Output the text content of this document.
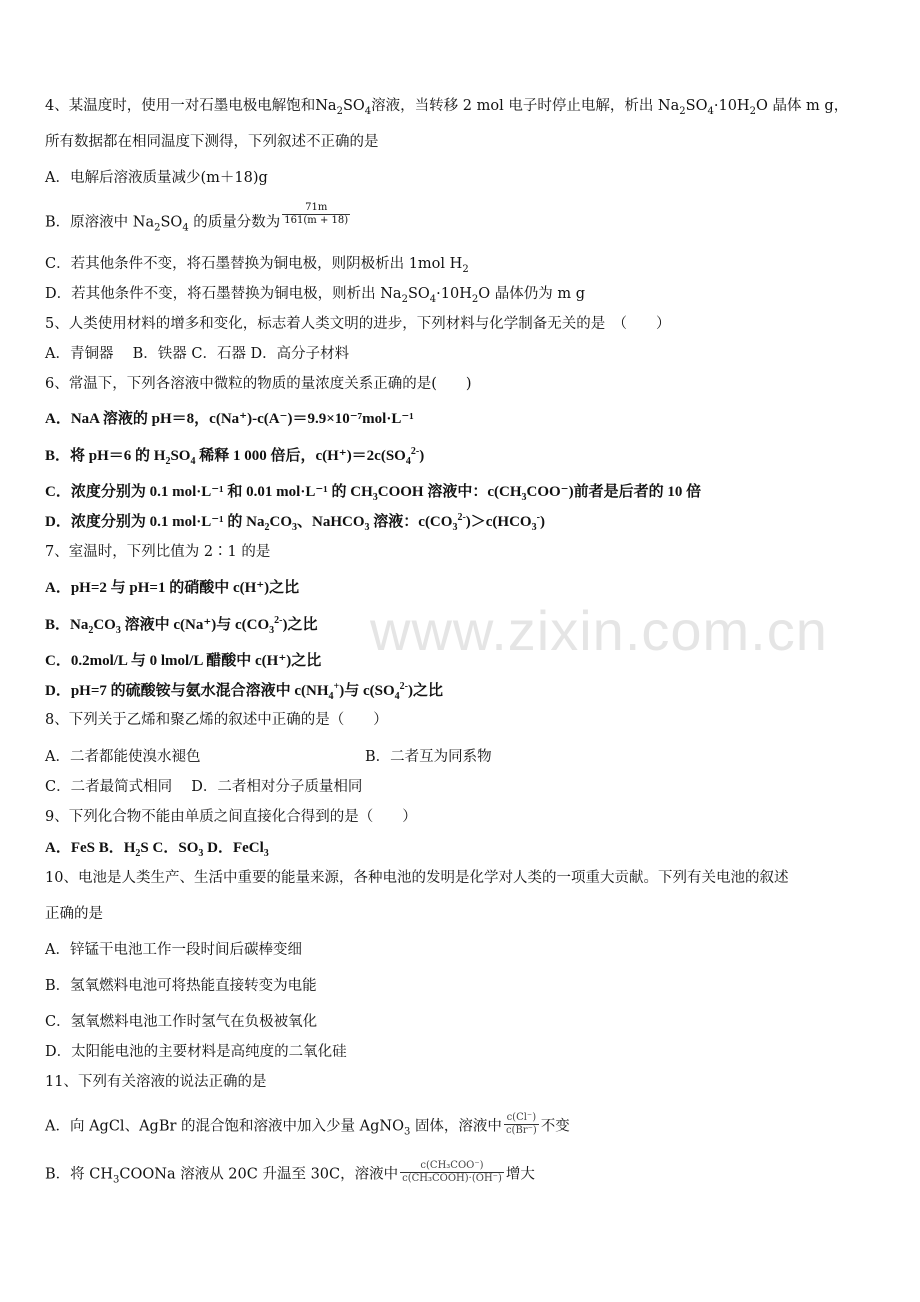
www.zixin.com.cn
4、某温度时，使用一对石墨电极电解饱和$Na_2SO_4$溶液，当转移 2 mol 电子时停止电解，析出 $Na_2SO_4\cdot 10H_2O$ 晶体 m g，
所有数据都在相同温度下测得，下列叙述不正确的是
A．电解后溶液质量减少(m＋18)g
B．原溶液中 $Na_2SO_4$ 的质量分数为 $\frac{71m}{161(m + 18)}$
C．若其他条件不变，将石墨替换为铜电极，则阴极析出 1mol $H_2$
D．若其他条件不变，将石墨替换为铜电极，则析出 $Na_2SO_4\cdot 10H_2O$ 晶体仍为 m g
5、人类使用材料的增多和变化，标志着人类文明的进步，下列材料与化学制备无关的是　（　　）
A．青铜器　 B．铁器 C．石器 D．高分子材料
6、常温下，下列各溶液中微粒的物质的量浓度关系正确的是(　　)
A．NaA 溶液的 pH＝8，c(Na⁺)-c(A⁻)＝9.9×10⁻⁷mol·L⁻¹
B．将 pH＝6 的 $H_2SO_4$ 稀释 1 000 倍后，$c(H^+)=2c(SO_4^{2-})$
C．浓度分别为 0.1 mol·L⁻¹ 和 0.01 mol·L⁻¹ 的 $CH_3COOH$ 溶液中：$c(CH_3COO^-)$前者是后者的 10 倍
D．浓度分别为 0.1 mol·L⁻¹ 的 $Na_2CO_3$、NaHCO$_3$ 溶液：$c(CO_3^{2-})>c(HCO_3^-)$
7、室温时，下列比值为 2∶1 的是
A．pH=2 与 pH=1 的硝酸中 c(H⁺)之比
B．$Na_2CO_3$ 溶液中 c(Na⁺)与 $c(CO_3^{2-})$之比
C．0.2mol/L 与 0 lmol/L 醋酸中 c(H⁺)之比
D．pH=7 的硫酸铵与氨水混合溶液中 $c(NH_4^+)$与 $c(SO_4^{2-})$之比
8、下列关于乙烯和聚乙烯的叙述中正确的是（　　）
A．二者都能使溴水褪色	B．二者互为同系物
C．二者最简式相同　 D．二者相对分子质量相同
9、下列化合物不能由单质之间直接化合得到的是（　　）
A．FeS B．$H_2S$ C．$SO_3$ D．FeCl$_3$
10、电池是人类生产、生活中重要的能量来源，各种电池的发明是化学对人类的一项重大贡献。下列有关电池的叙述
正确的是
A．锌锰干电池工作一段时间后碳棒变细
B．氢氧燃料电池可将热能直接转变为电能
C．氢氧燃料电池工作时氢气在负极被氧化
D．太阳能电池的主要材料是高纯度的二氧化硅
11、下列有关溶液的说法正确的是
A．向 AgCl、AgBr 的混合饱和溶液中加入少量 AgNO$_3$ 固体，溶液中 $\frac{c(Cl^-)}{c(Br^-)}$ 不变
B．将 $CH_3COONa$ 溶液从 20C 升温至 30C，溶液中 $\frac{\text{c(CH₃COO⁻)}}{\text{c(CH₃COOH)·(OH⁻)}}$ 增大
